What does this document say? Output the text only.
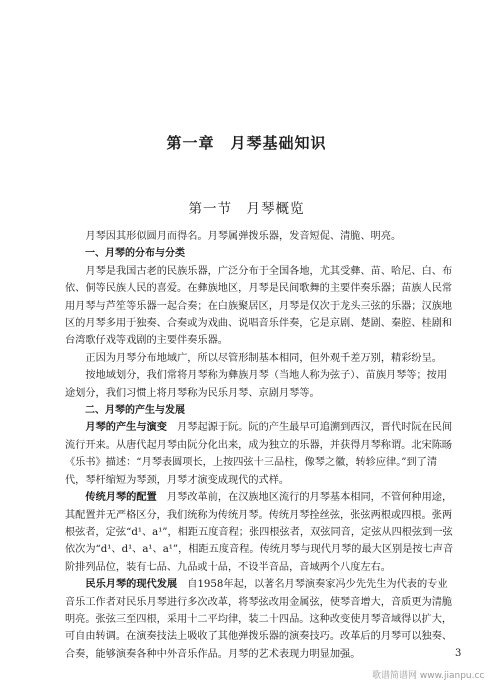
第一章　月琴基础知识
第一节　月琴概览

月琴因其形似圆月而得名。月琴属弹拨乐器，发音短促、清脆、明亮。

一、月琴的分布与分类

月琴是我国古老的民族乐器，广泛分布于全国各地，尤其受彝、苗、哈尼、白、布依、侗等民族人民的喜爱。在彝族地区，月琴是民间歌舞的主要伴奏乐器；苗族人民常用月琴与芦笙等乐器一起合奏；在白族聚居区，月琴是仅次于龙头三弦的乐器；汉族地区的月琴多用于独奏、合奏或为戏曲、说唱音乐伴奏，它是京剧、楚剧、秦腔、桂剧和台湾歌仔戏等戏剧的主要伴奏乐器。

正因为月琴分布地域广，所以尽管形制基本相同，但外观千差万别，精彩纷呈。

按地域划分，我们常将月琴称为彝族月琴（当地人称为弦子）、苗族月琴等；按用途划分，我们习惯上将月琴称为民乐月琴、京剧月琴等。

二、月琴的产生与发展

月琴的产生与演变　月琴起源于阮。阮的产生最早可追溯到西汉，晋代时阮在民间流行开来。从唐代起月琴由阮分化出来，成为独立的乐器，并获得月琴称谓。北宋陈旸《乐书》描述：“月琴表圆项长，上按四弦十三品柱，像琴之徽，转轸应律。”到了清代，琴杆缩短为琴颈，月琴才演变成现代的式样。

传统月琴的配置　月琴改革前，在汉族地区流行的月琴基本相同，不管何种用途，其配置并无严格区分，我们统称为传统月琴。传统月琴拴丝弦，张弦两根或四根。张两根弦者，定弦“d¹、a¹”，相距五度音程；张四根弦者，双弦同音，定弦从四根弦到一弦依次为“d¹、d¹、a¹、a¹”，相距五度音程。传统月琴与现代月琴的最大区别是按七声音阶排列品位，装有七品、九品或十品，不设半音品，音域两个八度左右。

民乐月琴的现代发展　自1958年起，以著名月琴演奏家冯少先先生为代表的专业音乐工作者对民乐月琴进行多次改革，将琴弦改用金属弦，使琴音增大，音质更为清脆明亮。张弦三至四根，采用十二平均律，装二十四品。这种改变使月琴音域得以扩大，可自由转调。在演奏技法上吸收了其他弹拨乐器的演奏技巧。改革后的月琴可以独奏、合奏，能够演奏各种中外音乐作品。月琴的艺术表现力明显加强。	3
歌谱简谱网 www.jianpu.cc
